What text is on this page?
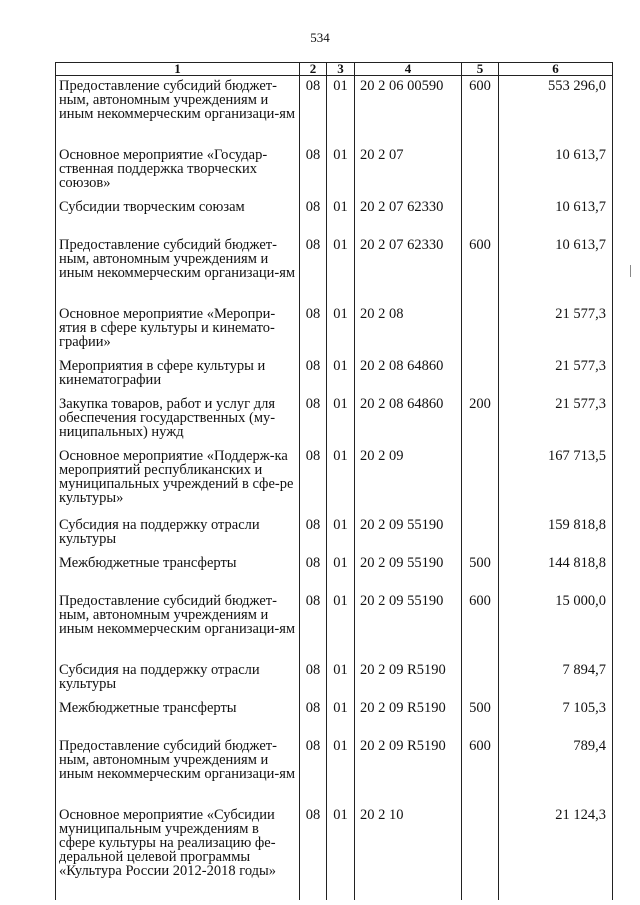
534
1	2	3	4	5	6
Предоставление субсидий бюджет-ным, автономным учреждениям и иным некоммерческим организаци-ям	08	01	20 2 06 00590	600	553 296,0
Основное мероприятие «Государ-ственная поддержка творческих союзов»	08	01	20 2 07		10 613,7
Субсидии творческим союзам	08	01	20 2 07 62330		10 613,7
Предоставление субсидий бюджет-ным, автономным учреждениям и иным некоммерческим организаци-ям	08	01	20 2 07 62330	600	10 613,7
Основное мероприятие «Меропри-ятия в сфере культуры и кинемато-графии»	08	01	20 2 08		21 577,3
Мероприятия в сфере культуры и кинематографии	08	01	20 2 08 64860		21 577,3
Закупка товаров, работ и услуг для обеспечения государственных (му-ниципальных) нужд	08	01	20 2 08 64860	200	21 577,3
Основное мероприятие «Поддерж-ка мероприятий республиканских и муниципальных учреждений в сфе-ре культуры»	08	01	20 2 09		167 713,5
Субсидия на поддержку отрасли культуры	08	01	20 2 09 55190		159 818,8
Межбюджетные трансферты	08	01	20 2 09 55190	500	144 818,8
Предоставление субсидий бюджет-ным, автономным учреждениям и иным некоммерческим организаци-ям	08	01	20 2 09 55190	600	15 000,0
Субсидия на поддержку отрасли культуры	08	01	20 2 09 R5190		7 894,7
Межбюджетные трансферты	08	01	20 2 09 R5190	500	7 105,3
Предоставление субсидий бюджет-ным, автономным учреждениям и иным некоммерческим организаци-ям	08	01	20 2 09 R5190	600	789,4
Основное мероприятие «Субсидии муниципальным учреждениям в сфере культуры на реализацию фе-деральной целевой программы «Культура России 2012-2018 годы»	08	01	20 2 10		21 124,3
